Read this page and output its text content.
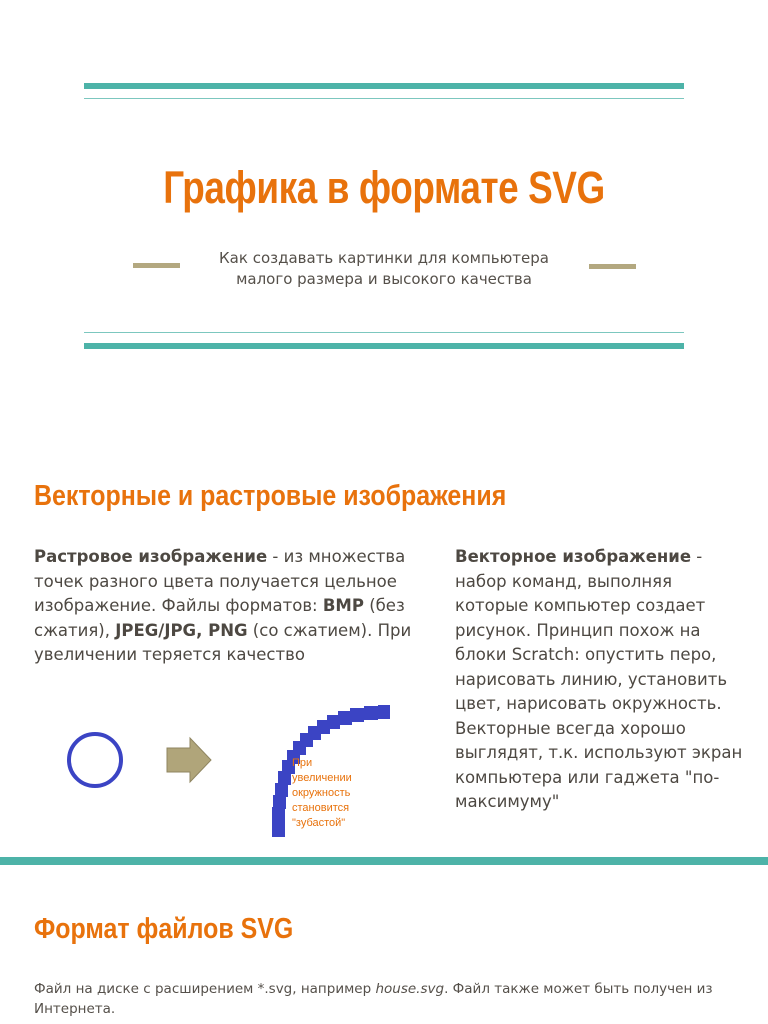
Графика в формате SVG
Как создавать картинки для компьютера
малого размера и высокого качества
Векторные и растровые изображения
Растровое изображение - из множества точек разного цвета получается цельное изображение. Файлы форматов: BMP (без сжатия), JPEG/JPG, PNG (со сжатием). При увеличении теряется качество
Векторное изображение - набор команд, выполняя которые компьютер создает рисунок. Принцип похож на блоки Scratch: опустить перо, нарисовать линию, установить цвет, нарисовать окружность. Векторные всегда хорошо выглядят, т.к. используют экран компьютера или гаджета "по-максимуму"
При
увеличении
окружность
становится
"зубастой"
Формат файлов SVG
Файл на диске с расширением *.svg, например house.svg. Файл также может быть получен из Интернета.
